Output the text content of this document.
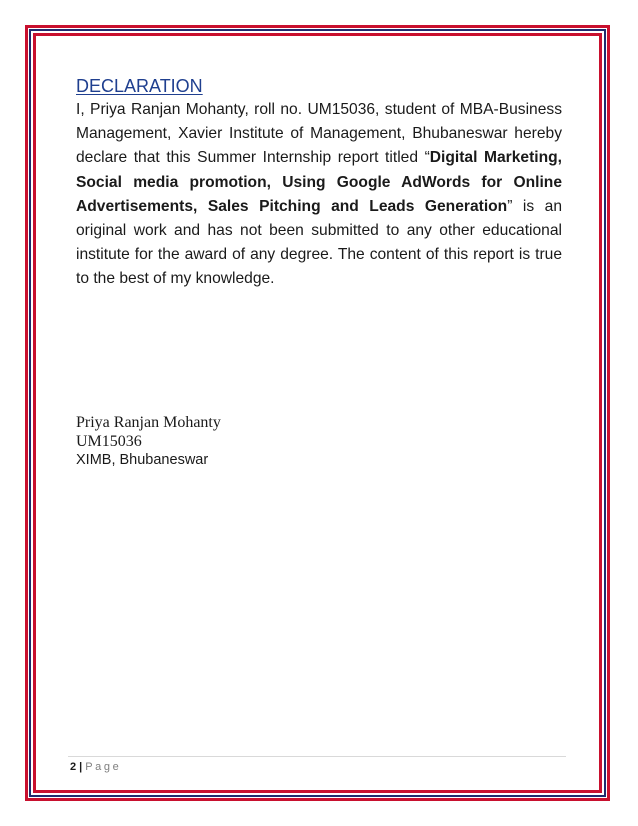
DECLARATION

I, Priya Ranjan Mohanty, roll no. UM15036, student of MBA-Business Management, Xavier Institute of Management, Bhubaneswar hereby declare that this Summer Internship report titled “Digital Marketing, Social media promotion, Using Google AdWords for Online Advertisements, Sales Pitching and Leads Generation” is an original work and has not been submitted to any other educational institute for the award of any degree. The content of this report is true to the best of my knowledge.

Priya Ranjan Mohanty

UM15036

XIMB, Bhubaneswar

2 | Page
